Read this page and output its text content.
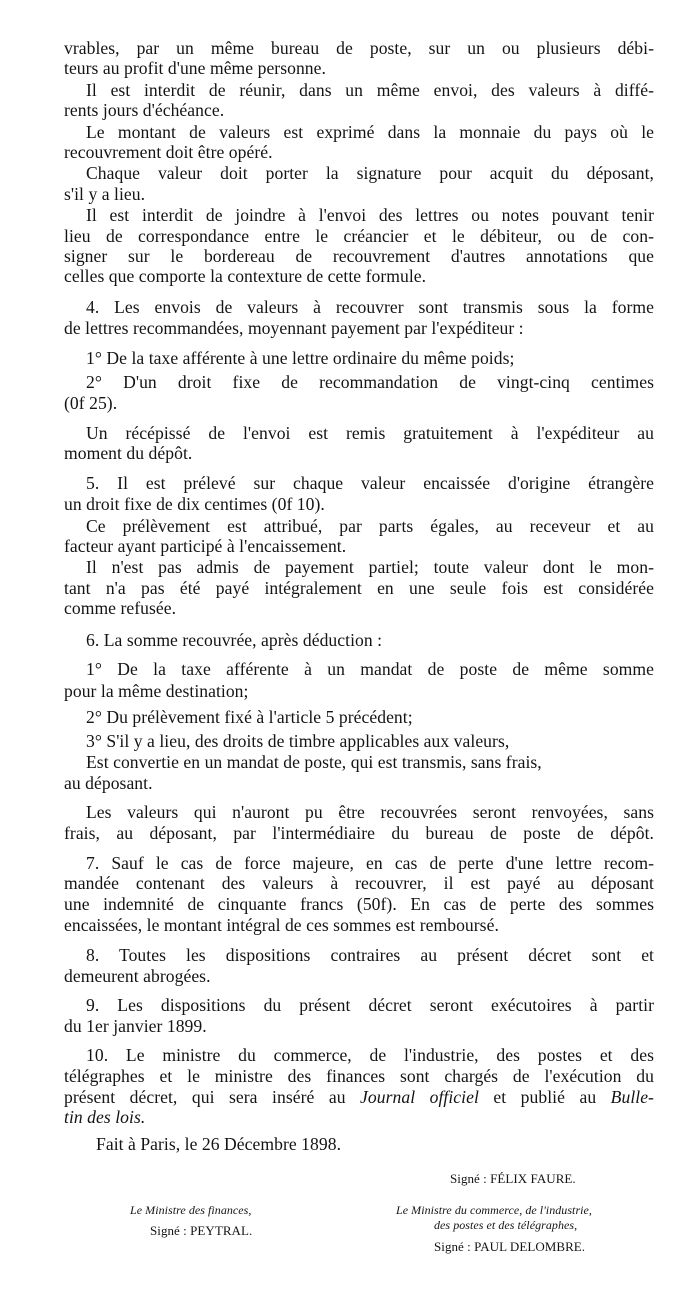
vrables, par un même bureau de poste, sur un ou plusieurs débi-
teurs au profit d'une même personne.
Il est interdit de réunir, dans un même envoi, des valeurs à diffé-
rents jours d'échéance.
Le montant de valeurs est exprimé dans la monnaie du pays où le
recouvrement doit être opéré.
Chaque valeur doit porter la signature pour acquit du déposant,
s'il y a lieu.
Il est interdit de joindre à l'envoi des lettres ou notes pouvant tenir
lieu de correspondance entre le créancier et le débiteur, ou de con-
signer sur le bordereau de recouvrement d'autres annotations que
celles que comporte la contexture de cette formule.
4. Les envois de valeurs à recouvrer sont transmis sous la forme
de lettres recommandées, moyennant payement par l'expéditeur :
1° De la taxe afférente à une lettre ordinaire du même poids;
2° D'un droit fixe de recommandation de vingt-cinq centimes
(0f 25).
Un récépissé de l'envoi est remis gratuitement à l'expéditeur au
moment du dépôt.
5. Il est prélevé sur chaque valeur encaissée d'origine étrangère
un droit fixe de dix centimes (0f 10).
Ce prélèvement est attribué, par parts égales, au receveur et au
facteur ayant participé à l'encaissement.
Il n'est pas admis de payement partiel; toute valeur dont le mon-
tant n'a pas été payé intégralement en une seule fois est considérée
comme refusée.
6. La somme recouvrée, après déduction :
1° De la taxe afférente à un mandat de poste de même somme
pour la même destination;
2° Du prélèvement fixé à l'article 5 précédent;
3° S'il y a lieu, des droits de timbre applicables aux valeurs,
Est convertie en un mandat de poste, qui est transmis, sans frais,
au déposant.
Les valeurs qui n'auront pu être recouvrées seront renvoyées, sans
frais, au déposant, par l'intermédiaire du bureau de poste de dépôt.
7. Sauf le cas de force majeure, en cas de perte d'une lettre recom-
mandée contenant des valeurs à recouvrer, il est payé au déposant
une indemnité de cinquante francs (50f). En cas de perte des sommes
encaissées, le montant intégral de ces sommes est remboursé.
8. Toutes les dispositions contraires au présent décret sont et
demeurent abrogées.
9. Les dispositions du présent décret seront exécutoires à partir
du 1er janvier 1899.
10. Le ministre du commerce, de l'industrie, des postes et des
télégraphes et le ministre des finances sont chargés de l'exécution du
présent décret, qui sera inséré au Journal officiel et publié au Bulle-
tin des lois.
Fait à Paris, le 26 Décembre 1898.
Signé : FÉLIX FAURE.
Le Ministre des finances,
Signé : PEYTRAL.
Le Ministre du commerce, de l'industrie,
des postes et des télégraphes,
Signé : PAUL DELOMBRE.
